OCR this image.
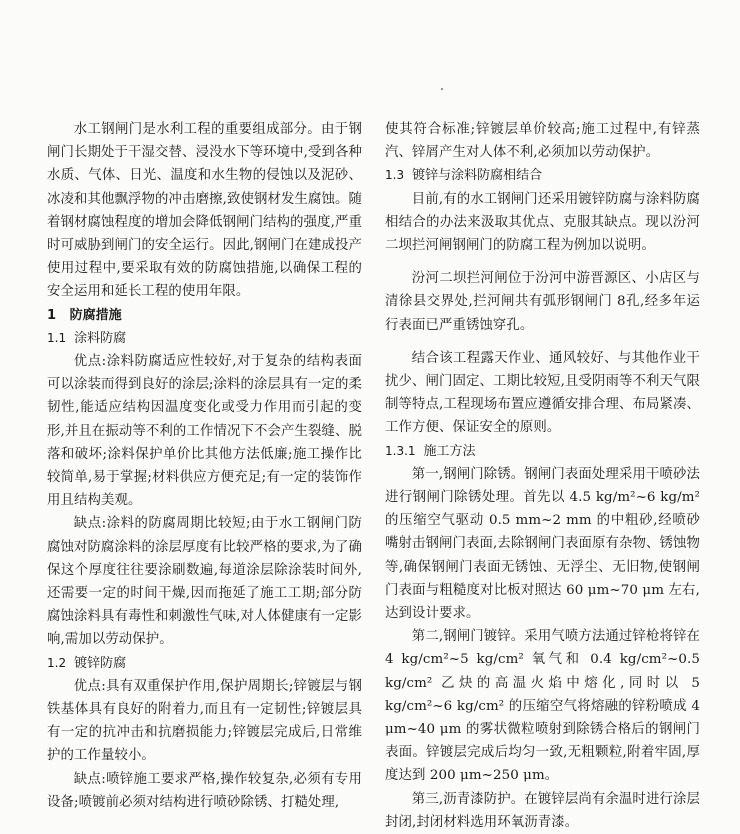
水工钢闸门是水利工程的重要组成部分。由于钢闸门长期处于干湿交替、浸没水下等环境中,受到各种水质、气体、日光、温度和水生物的侵蚀以及泥砂、冰凌和其他飘浮物的冲击磨擦,致使钢材发生腐蚀。随着钢材腐蚀程度的增加会降低钢闸门结构的强度,严重时可威胁到闸门的安全运行。因此,钢闸门在建成投产使用过程中,要采取有效的防腐蚀措施,以确保工程的安全运用和延长工程的使用年限。

1 防腐措施
1.1 涂料防腐

优点:涂料防腐适应性较好,对于复杂的结构表面可以涂装而得到良好的涂层;涂料的涂层具有一定的柔韧性,能适应结构因温度变化或受力作用而引起的变形,并且在振动等不利的工作情况下不会产生裂缝、脱落和破坏;涂料保护单价比其他方法低廉;施工操作比较简单,易于掌握;材料供应方便充足;有一定的装饰作用且结构美观。

缺点:涂料的防腐周期比较短;由于水工钢闸门防腐蚀对防腐涂料的涂层厚度有比较严格的要求,为了确保这个厚度往往要涂刷数遍,每道涂层除涂装时间外,还需要一定的时间干燥,因而拖延了施工工期;部分防腐蚀涂料具有毒性和刺激性气味,对人体健康有一定影响,需加以劳动保护。

1.2 镀锌防腐

优点:具有双重保护作用,保护周期长;锌镀层与钢铁基体具有良好的附着力,而且有一定韧性;锌镀层具有一定的抗冲击和抗磨损能力;锌镀层完成后,日常维护的工作量较小。

缺点:喷锌施工要求严格,操作较复杂,必须有专用设备;喷镀前必须对结构进行喷砂除锈、打糙处理,

使其符合标准;锌镀层单价较高;施工过程中,有锌蒸汽、锌屑产生对人体不利,必须加以劳动保护。

1.3 镀锌与涂料防腐相结合

目前,有的水工钢闸门还采用镀锌防腐与涂料防腐相结合的办法来汲取其优点、克服其缺点。现以汾河二坝拦河闸钢闸门的防腐工程为例加以说明。

汾河二坝拦河闸位于汾河中游晋源区、小店区与清徐县交界处,拦河闸共有弧形钢闸门 8孔,经多年运行表面已严重锈蚀穿孔。

结合该工程露天作业、通风较好、与其他作业干扰少、闸门固定、工期比较短,且受阴雨等不利天气限制等特点,工程现场布置应遵循安排合理、布局紧凑、工作方便、保证安全的原则。

1.3.1 施工方法

第一,钢闸门除锈。钢闸门表面处理采用干喷砂法进行钢闸门除锈处理。首先以 4.5 kg/m²~6 kg/m² 的压缩空气驱动 0.5 mm~2 mm 的中粗砂,经喷砂嘴射击钢闸门表面,去除钢闸门表面原有杂物、锈蚀物等,确保钢闸门表面无锈蚀、无浮尘、无旧物,使钢闸门表面与粗糙度对比板对照达 60 μm~70 μm 左右,达到设计要求。

第二,钢闸门镀锌。采用气喷方法通过锌枪将锌在 4 kg/cm²~5 kg/cm² 氧气和 0.4 kg/cm²~0.5 kg/cm² 乙炔的高温火焰中熔化,同时以 5 kg/cm²~6 kg/cm² 的压缩空气将熔融的锌粉喷成 4 μm~40 μm 的雾状微粒喷射到除锈合格后的钢闸门表面。锌镀层完成后均匀一致,无粗颗粒,附着牢固,厚度达到 200 μm~250 μm。

第三,沥青漆防护。在镀锌层尚有余温时进行涂层封闭,封闭材料选用环氧沥青漆。
